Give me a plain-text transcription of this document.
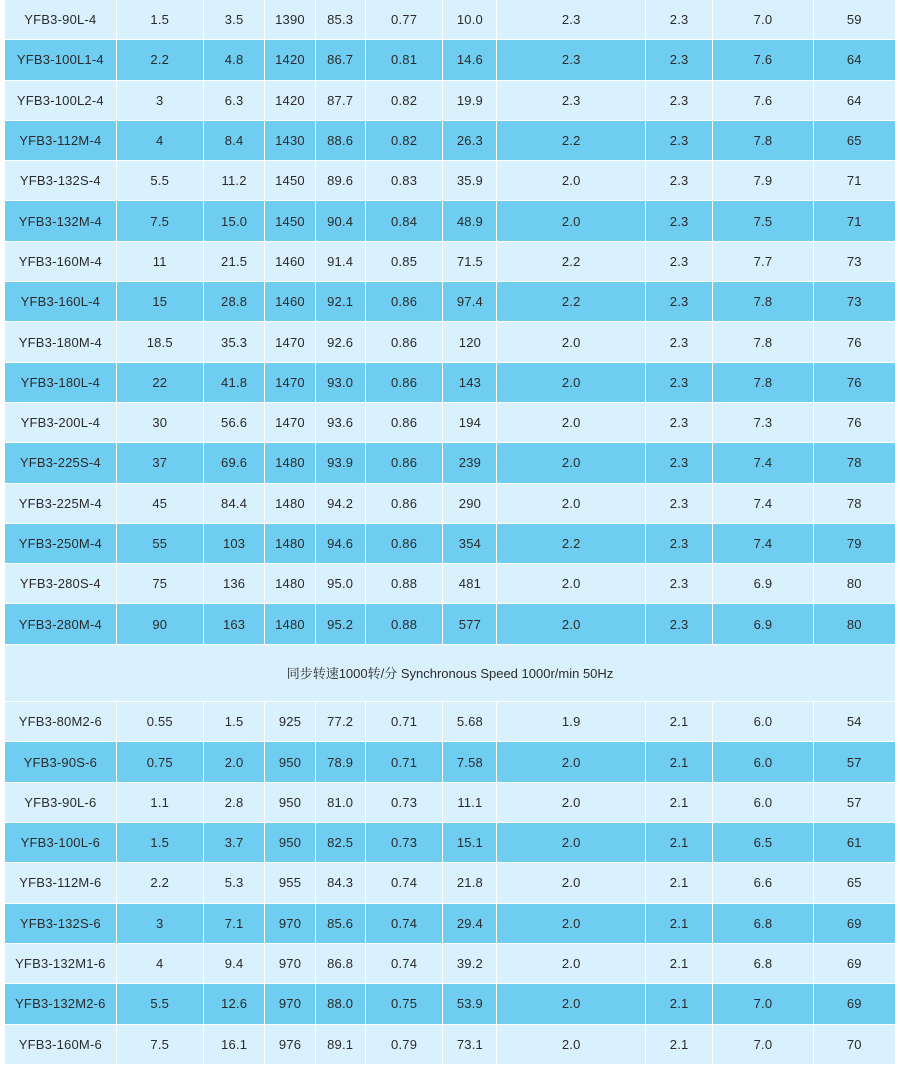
YFB3-90L-4	1.5	3.5	1390	85.3	0.77	10.0	2.3	2.3	7.0	59
YFB3-100L1-4	2.2	4.8	1420	86.7	0.81	14.6	2.3	2.3	7.6	64
YFB3-100L2-4	3	6.3	1420	87.7	0.82	19.9	2.3	2.3	7.6	64
YFB3-112M-4	4	8.4	1430	88.6	0.82	26.3	2.2	2.3	7.8	65
YFB3-132S-4	5.5	11.2	1450	89.6	0.83	35.9	2.0	2.3	7.9	71
YFB3-132M-4	7.5	15.0	1450	90.4	0.84	48.9	2.0	2.3	7.5	71
YFB3-160M-4	11	21.5	1460	91.4	0.85	71.5	2.2	2.3	7.7	73
YFB3-160L-4	15	28.8	1460	92.1	0.86	97.4	2.2	2.3	7.8	73
YFB3-180M-4	18.5	35.3	1470	92.6	0.86	120	2.0	2.3	7.8	76
YFB3-180L-4	22	41.8	1470	93.0	0.86	143	2.0	2.3	7.8	76
YFB3-200L-4	30	56.6	1470	93.6	0.86	194	2.0	2.3	7.3	76
YFB3-225S-4	37	69.6	1480	93.9	0.86	239	2.0	2.3	7.4	78
YFB3-225M-4	45	84.4	1480	94.2	0.86	290	2.0	2.3	7.4	78
YFB3-250M-4	55	103	1480	94.6	0.86	354	2.2	2.3	7.4	79
YFB3-280S-4	75	136	1480	95.0	0.88	481	2.0	2.3	6.9	80
YFB3-280M-4	90	163	1480	95.2	0.88	577	2.0	2.3	6.9	80
同步转速1000转/分 Synchronous Speed 1000r/min 50Hz
YFB3-80M2-6	0.55	1.5	925	77.2	0.71	5.68	1.9	2.1	6.0	54
YFB3-90S-6	0.75	2.0	950	78.9	0.71	7.58	2.0	2.1	6.0	57
YFB3-90L-6	1.1	2.8	950	81.0	0.73	11.1	2.0	2.1	6.0	57
YFB3-100L-6	1.5	3.7	950	82.5	0.73	15.1	2.0	2.1	6.5	61
YFB3-112M-6	2.2	5.3	955	84.3	0.74	21.8	2.0	2.1	6.6	65
YFB3-132S-6	3	7.1	970	85.6	0.74	29.4	2.0	2.1	6.8	69
YFB3-132M1-6	4	9.4	970	86.8	0.74	39.2	2.0	2.1	6.8	69
YFB3-132M2-6	5.5	12.6	970	88.0	0.75	53.9	2.0	2.1	7.0	69
YFB3-160M-6	7.5	16.1	976	89.1	0.79	73.1	2.0	2.1	7.0	70
